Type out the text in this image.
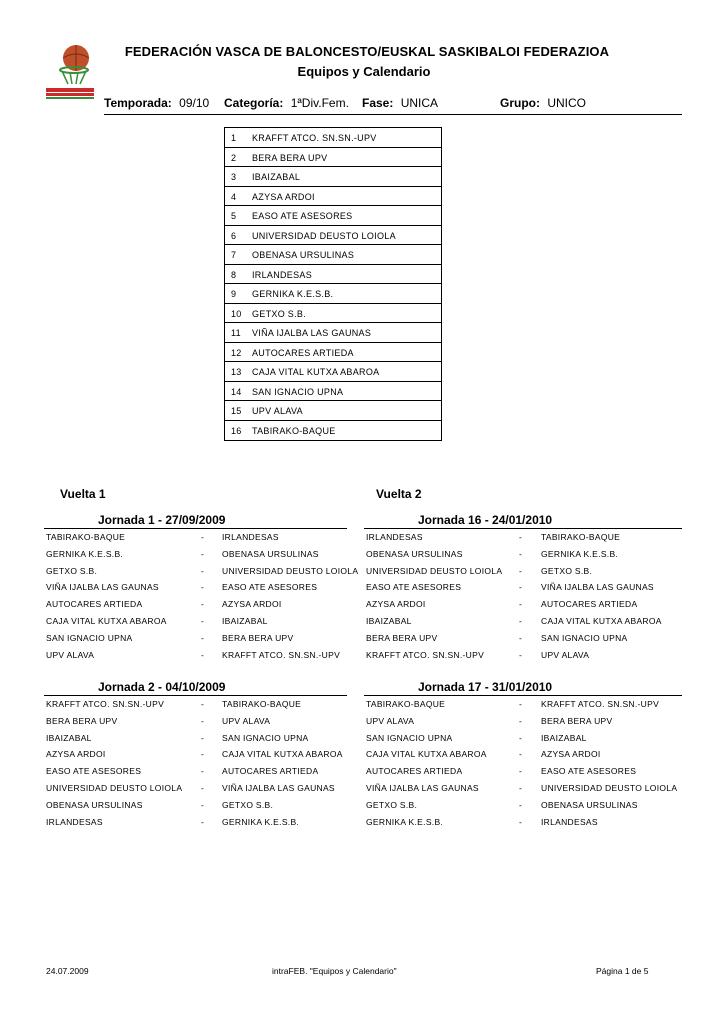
FEDERACIÓN VASCA DE BALONCESTO/EUSKAL SASKIBALOI FEDERAZIOA
Equipos y Calendario
Temporada: 09/10 Categoría: 1ªDiv.Fem. Fase: UNICA	Grupo: UNICO
1 KRAFFT ATCO. SN.SN.-UPV
2 BERA BERA UPV
3 IBAIZABAL
4 AZYSA ARDOI
5 EASO ATE ASESORES
6 UNIVERSIDAD DEUSTO LOIOLA
7 OBENASA URSULINAS
8 IRLANDESAS
9 GERNIKA K.E.S.B.
10 GETXO S.B.
11 VIÑA IJALBA LAS GAUNAS
12 AUTOCARES ARTIEDA
13 CAJA VITAL KUTXA ABAROA
14 SAN IGNACIO UPNA
15 UPV ALAVA
16 TABIRAKO-BAQUE
Vuelta 1	Vuelta 2
Jornada 1 - 27/09/2009	Jornada 16 - 24/01/2010
TABIRAKO-BAQUE	- IRLANDESAS
GERNIKA K.E.S.B.	- OBENASA URSULINAS
GETXO S.B.	- UNIVERSIDAD DEUSTO LOIOLA
VIÑA IJALBA LAS GAUNAS	- EASO ATE ASESORES
AUTOCARES ARTIEDA	- AZYSA ARDOI
CAJA VITAL KUTXA ABAROA	- IBAIZABAL
SAN IGNACIO UPNA	- BERA BERA UPV
UPV ALAVA	- KRAFFT ATCO. SN.SN.-UPV
IRLANDESAS	- TABIRAKO-BAQUE
OBENASA URSULINAS	- GERNIKA K.E.S.B.
UNIVERSIDAD DEUSTO LOIOLA - GETXO S.B.
EASO ATE ASESORES	- VIÑA IJALBA LAS GAUNAS
AZYSA ARDOI	- AUTOCARES ARTIEDA
IBAIZABAL	- CAJA VITAL KUTXA ABAROA
BERA BERA UPV	- SAN IGNACIO UPNA
KRAFFT ATCO. SN.SN.-UPV	- UPV ALAVA
Jornada 2 - 04/10/2009	Jornada 17 - 31/01/2010
KRAFFT ATCO. SN.SN.-UPV	- TABIRAKO-BAQUE
BERA BERA UPV	- UPV ALAVA
IBAIZABAL	- SAN IGNACIO UPNA
AZYSA ARDOI	- CAJA VITAL KUTXA ABAROA
EASO ATE ASESORES	- AUTOCARES ARTIEDA
UNIVERSIDAD DEUSTO LOIOLA - VIÑA IJALBA LAS GAUNAS
OBENASA URSULINAS	- GETXO S.B.
IRLANDESAS	- GERNIKA K.E.S.B.
TABIRAKO-BAQUE	- KRAFFT ATCO. SN.SN.-UPV
UPV ALAVA	- BERA BERA UPV
SAN IGNACIO UPNA	- IBAIZABAL
CAJA VITAL KUTXA ABAROA	- AZYSA ARDOI
AUTOCARES ARTIEDA	- EASO ATE ASESORES
VIÑA IJALBA LAS GAUNAS	- UNIVERSIDAD DEUSTO LOIOLA
GETXO S.B.	- OBENASA URSULINAS
GERNIKA K.E.S.B.	- IRLANDESAS
24.07.2009	intraFEB. "Equipos y Calendario"	Página 1 de 5
